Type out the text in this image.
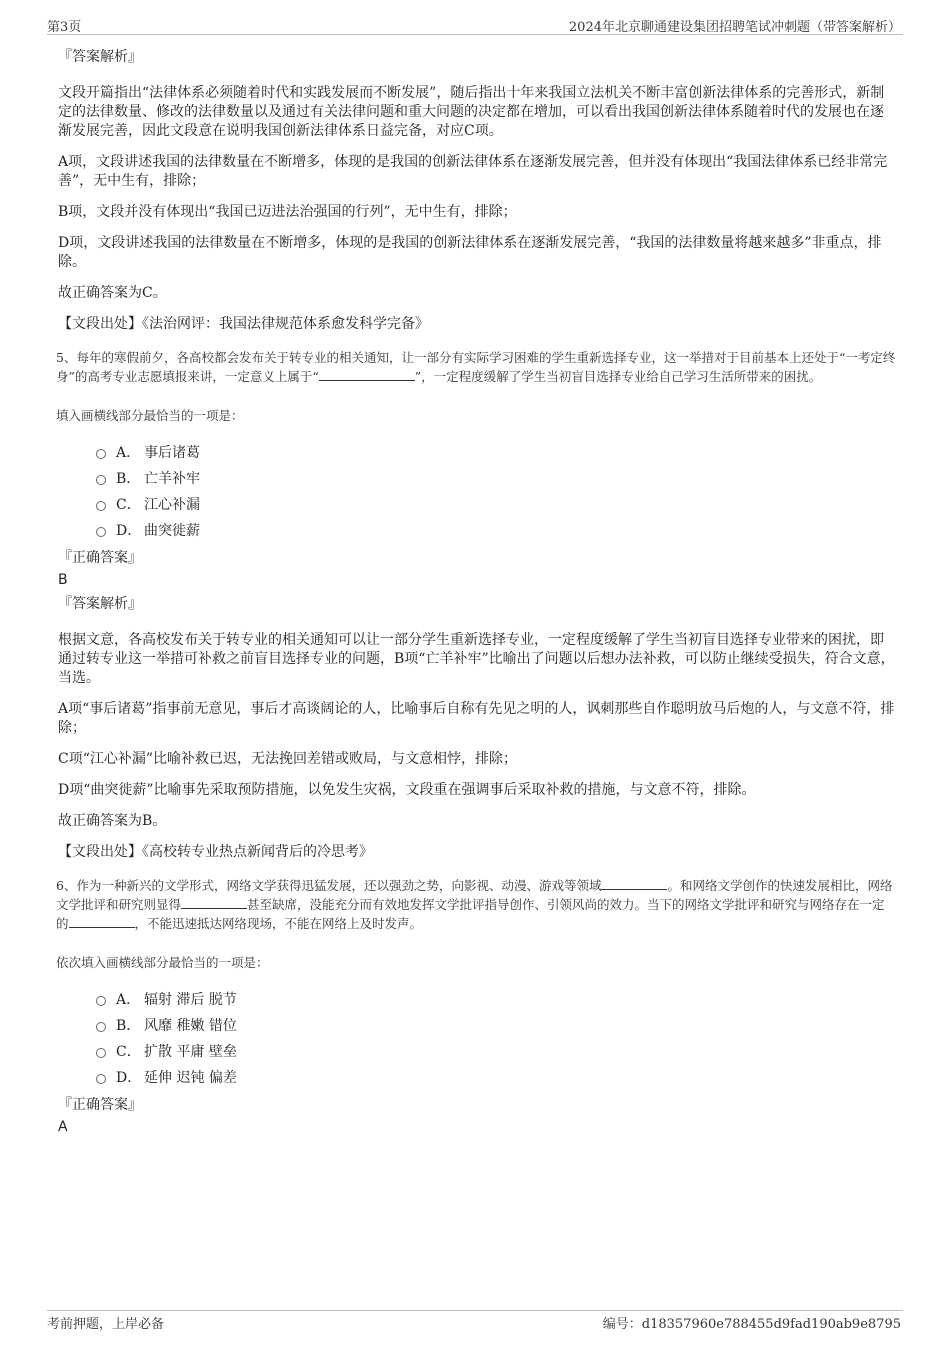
第3页	2024年北京聊通建设集团招聘笔试冲刺题（带答案解析）
『答案解析』
文段开篇指出“法律体系必须随着时代和实践发展而不断发展”，随后指出十年来我国立法机关不断丰富创新法律体系的完善形式，新制定的法律数量、修改的法律数量以及通过有关法律问题和重大问题的决定都在增加，可以看出我国创新法律体系随着时代的发展也在逐渐发展完善，因此文段意在说明我国创新法律体系日益完备，对应C项。
A项，文段讲述我国的法律数量在不断增多，体现的是我国的创新法律体系在逐渐发展完善，但并没有体现出“我国法律体系已经非常完善”，无中生有，排除；
B项，文段并没有体现出“我国已迈进法治强国的行列”，无中生有，排除；
D项，文段讲述我国的法律数量在不断增多，体现的是我国的创新法律体系在逐渐发展完善，“我国的法律数量将越来越多”非重点，排除。
故正确答案为C。
【文段出处】《法治网评：我国法律规范体系愈发科学完备》
5、每年的寒假前夕，各高校都会发布关于转专业的相关通知，让一部分有实际学习困难的学生重新选择专业，这一举措对于目前基本上还处于“一考定终身”的高考专业志愿填报来讲，一定意义上属于“	”，一定程度缓解了学生当初盲目选择专业给自己学习生活所带来的困扰。
填入画横线部分最恰当的一项是：
A． 事后诸葛
B． 亡羊补牢
C． 江心补漏
D． 曲突徙薪
『正确答案』
B
『答案解析』
根据文意，各高校发布关于转专业的相关通知可以让一部分学生重新选择专业，一定程度缓解了学生当初盲目选择专业带来的困扰，即通过转专业这一举措可补救之前盲目选择专业的问题，B项“亡羊补牢”比喻出了问题以后想办法补救，可以防止继续受损失，符合文意，当选。
A项“事后诸葛”指事前无意见，事后才高谈阔论的人，比喻事后自称有先见之明的人，讽刺那些自作聪明放马后炮的人，与文意不符，排除；
C项“江心补漏”比喻补救已迟，无法挽回差错或败局，与文意相悖，排除；
D项“曲突徙薪”比喻事先采取预防措施，以免发生灾祸，文段重在强调事后采取补救的措施，与文意不符，排除。
故正确答案为B。
【文段出处】《高校转专业热点新闻背后的冷思考》
6、作为一种新兴的文学形式，网络文学获得迅猛发展，还以强劲之势，向影视、动漫、游戏等领域	。和网络文学创作的快速发展相比，网络文学批评和研究则显得	甚至缺席，没能充分而有效地发挥文学批评指导创作、引领风尚的效力。当下的网络文学批评和研究与网络存在一定的	，不能迅速抵达网络现场，不能在网络上及时发声。
依次填入画横线部分最恰当的一项是：
A． 辐射 滞后 脱节
B． 风靡 稚嫩 错位
C． 扩散 平庸 壁垒
D． 延伸 迟钝 偏差
『正确答案』
A
考前押题，上岸必备	编号：d18357960e788455d9fad190ab9e8795
